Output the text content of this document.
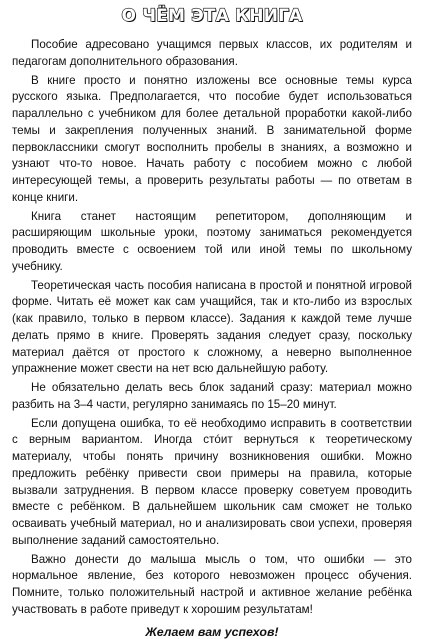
О ЧЁМ ЭТА КНИГА

Пособие адресовано учащимся первых классов, их родителям и педагогам дополнительного образования.

В книге просто и понятно изложены все основные темы курса русского языка. Предполагается, что пособие будет использоваться параллельно с учебником для более детальной проработки какой-либо темы и закрепления полученных знаний. В занимательной форме первоклассники смогут восполнить пробелы в знаниях, а возможно и узнают что-то новое. Начать работу с пособием можно с любой интересующей темы, а проверить результаты работы — по ответам в конце книги.

Книга станет настоящим репетитором, дополняющим и расширяющим школьные уроки, поэтому заниматься рекомендуется проводить вместе с освоением той или иной темы по школьному учебнику.

Теоретическая часть пособия написана в простой и понятной игровой форме. Читать её может как сам учащийся, так и кто-либо из взрослых (как правило, только в первом классе). Задания к каждой теме лучше делать прямо в книге. Проверять задания следует сразу, поскольку материал даётся от простого к сложному, а неверно выполненное упражнение может свести на нет всю дальнейшую работу.

Не обязательно делать весь блок заданий сразу: материал можно разбить на 3–4 части, регулярно занимаясь по 15–20 минут.

Если допущена ошибка, то её необходимо исправить в соответствии с верным вариантом. Иногда стóит вернуться к теоретическому материалу, чтобы понять причину возникновения ошибки. Можно предложить ребёнку привести свои примеры на правила, которые вызвали затруднения. В первом классе проверку советуем проводить вместе с ребёнком. В дальнейшем школьник сам сможет не только осваивать учебный материал, но и анализировать свои успехи, проверяя выполнение заданий самостоятельно.

Важно донести до малыша мысль о том, что ошибки — это нормальное явление, без которого невозможен процесс обучения. Помните, только положительный настрой и активное желание ребёнка участвовать в работе приведут к хорошим результатам!

Желаем вам успехов!
